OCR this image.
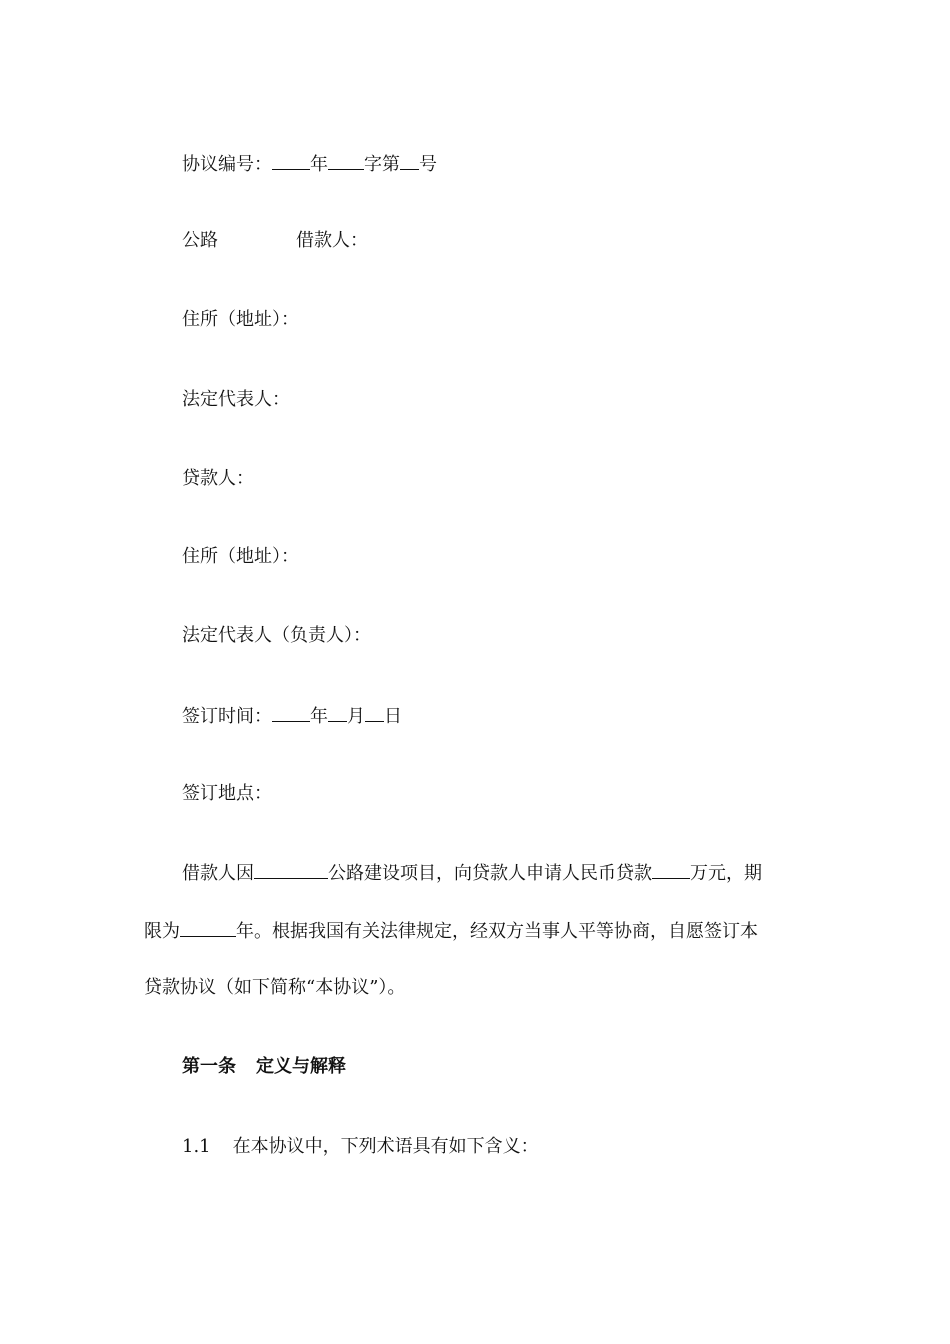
协议编号： 年 字第 号
公路	借款人：
住所（地址）：
法定代表人：
贷款人：
住所（地址）：
法定代表人（负责人）：
签订时间： 年 月 日
签订地点：
借款人因	公路建设项目，向贷款人申请人民币贷款 万元，期
限为	年。根据我国有关法律规定，经双方当事人平等协商，自愿签订本
贷款协议（如下简称“本协议”）。
第一条 定义与解释
1.1 在本协议中，下列术语具有如下含义：
